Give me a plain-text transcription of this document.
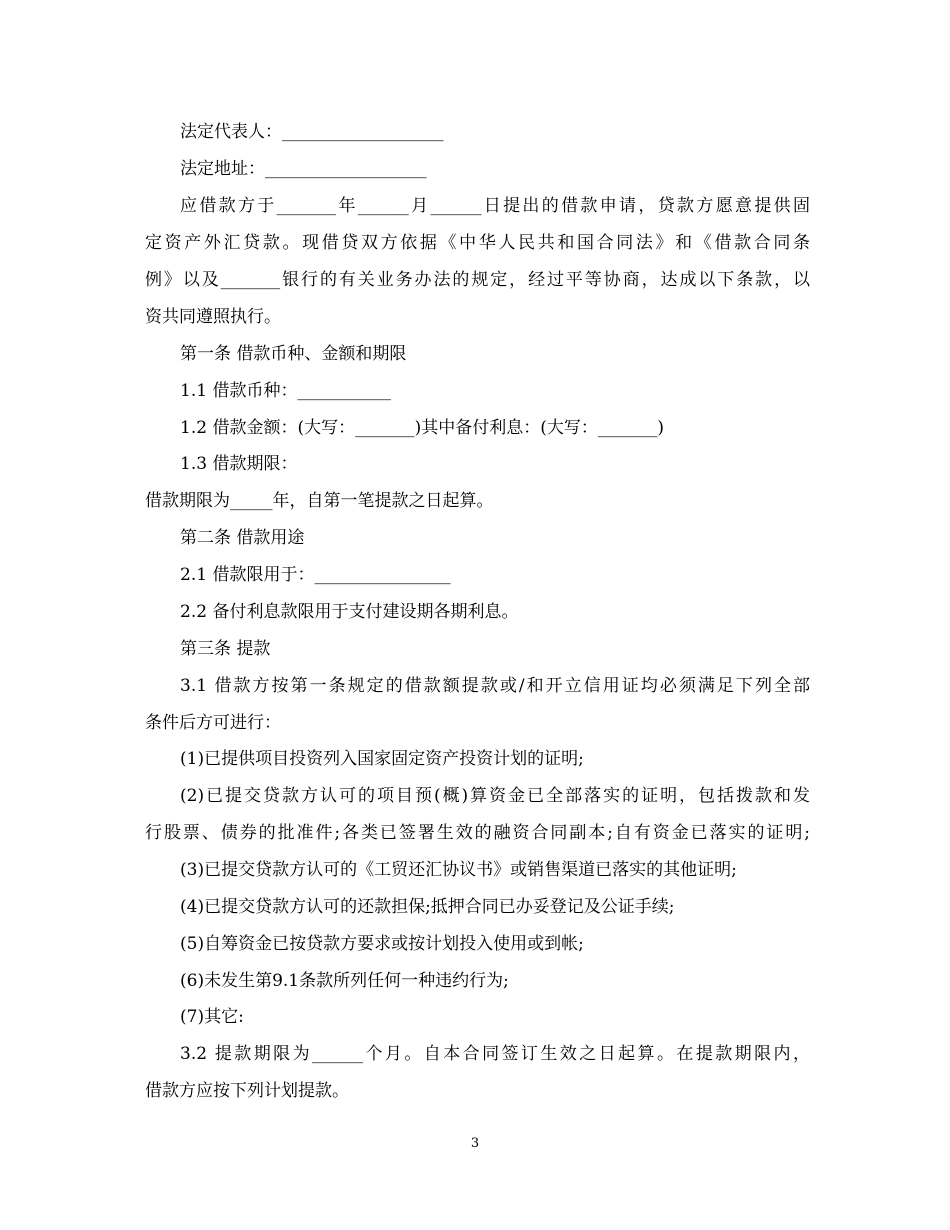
法定代表人：___________________
法定地址：___________________
应借款方于_______年______月______日提出的借款申请，贷款方愿意提供固
定资产外汇贷款。现借贷双方依据《中华人民共和国合同法》和《借款合同条
例》以及_______银行的有关业务办法的规定，经过平等协商，达成以下条款，以
资共同遵照执行。
第一条 借款币种、金额和期限
1.1 借款币种：___________
1.2 借款金额：(大写：_______)其中备付利息：(大写：_______)
1.3 借款期限：
借款期限为_____年，自第一笔提款之日起算。
第二条 借款用途
2.1 借款限用于：________________
2.2 备付利息款限用于支付建设期各期利息。
第三条 提款
3.1 借款方按第一条规定的借款额提款或/和开立信用证均必须满足下列全部
条件后方可进行：
(1)已提供项目投资列入国家固定资产投资计划的证明;
(2)已提交贷款方认可的项目预(概)算资金已全部落实的证明，包括拨款和发
行股票、债券的批准件;各类已签署生效的融资合同副本;自有资金已落实的证明;
(3)已提交贷款方认可的《工贸还汇协议书》或销售渠道已落实的其他证明;
(4)已提交贷款方认可的还款担保;抵押合同已办妥登记及公证手续;
(5)自筹资金已按贷款方要求或按计划投入使用或到帐;
(6)未发生第9.1条款所列任何一种违约行为;
(7)其它:
3.2 提款期限为______个月。自本合同签订生效之日起算。在提款期限内，
借款方应按下列计划提款。
3
